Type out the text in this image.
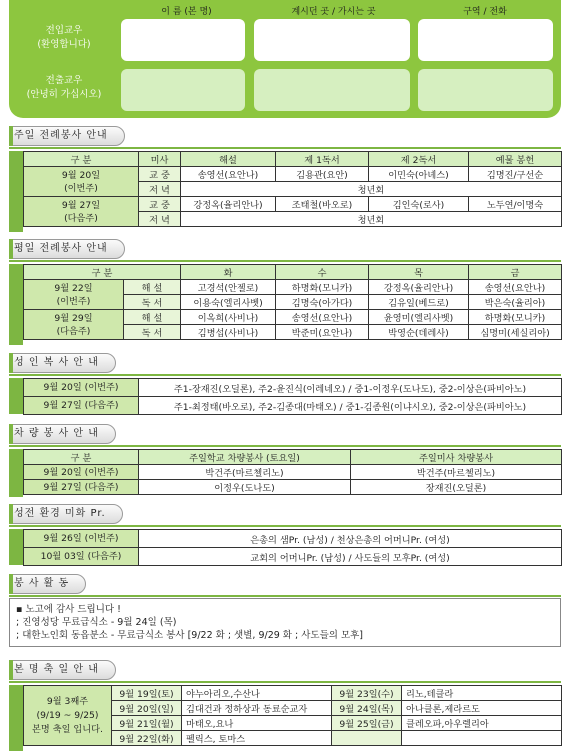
이 름 (본 명)	계시던 곳 / 가시는 곳	구역 / 전화
전입교우
(환영합니다)
전출교우
(안녕히 가십시오)
주일 전례봉사 안내
구 분	미사	해설	제 1독서	제 2독서	예물 봉헌

9월 20일
(이번주)	교 중	송영선(요안나)	김용관(요안)	이민숙(아녜스)	김명진/구선순
	저 녁	청년회			

9월 27일
(다음주)	교 중	강정옥(율리안나)	조태철(바오로)	김인숙(로사)	노두연/이명숙
	저 녁	청년회			
평일 전례봉사 안내
구 분		화	수	목	금

9월 22일
(이번주)	해 설	고경석(안젤로)	하명화(모니카)	강정옥(율리안나)	송영선(요안나)
	독 서	이용숙(엘리사벳)	김명숙(아가다)	김유일(베드로)	박은숙(율리아)

9월 29일
(다음주)	해 설	이옥희(사비나)	송영선(요안나)	윤영미(엘리사벳)	하명화(모니카)
	독 서	김병섭(사비나)	박준미(요안나)	박영순(데레사)	심명미(세실리아)
성 인 복 사 안 내
9월 20일 (이번주)	주1-장재진(오딜론), 주2-윤진식(이레네오) / 중1-이정우(도나도), 중2-이상은(파비아노)
9월 27일 (다음주)	주1-최정태(바오로), 주2-김종대(마태오) / 중1-김종원(이냐시오), 중2-이상은(파비아노)
차 량 봉 사 안 내
구 분	주일학교 차량봉사 (토요일)	주일미사 차량봉사
9월 20일 (이번주)	박건주(마르첼리노)	박건주(마르첼리노)
9월 27일 (다음주)	이정우(도나도)	장재진(오딜론)
성전 환경 미화 Pr.
9월 26일 (이번주)	은총의 샘Pr. (남성) / 천상은총의 어머니Pr. (여성)
10월 03일 (다음주)	교회의 어머니Pr. (남성) / 사도들의 모후Pr. (여성)
봉 사 활 동
▪ 노고에 감사 드립니다 !
; 진영성당 무료급식소 - 9월 24일 (목)
; 대한노인회 동읍분소 - 무료급식소 봉사 [9/22 화 ; 샛별, 9/29 화 ; 사도들의 모후]
본 명 축 일 안 내
9월 3째주
(9/19 ~ 9/25)
본명 축일 입니다.	9월 19일(토)	야누아리오,수산나	9월 23일(수)	리노,테클라
	9월 20일(일)	김대건과 정하상과 동료순교자	9월 24일(목)	아나클론,제라르도
	9월 21일(월)	마태오,요나	9월 25일(금)	클레오파,아우렐리아
	9월 22일(화)	펠릭스, 토마스		
